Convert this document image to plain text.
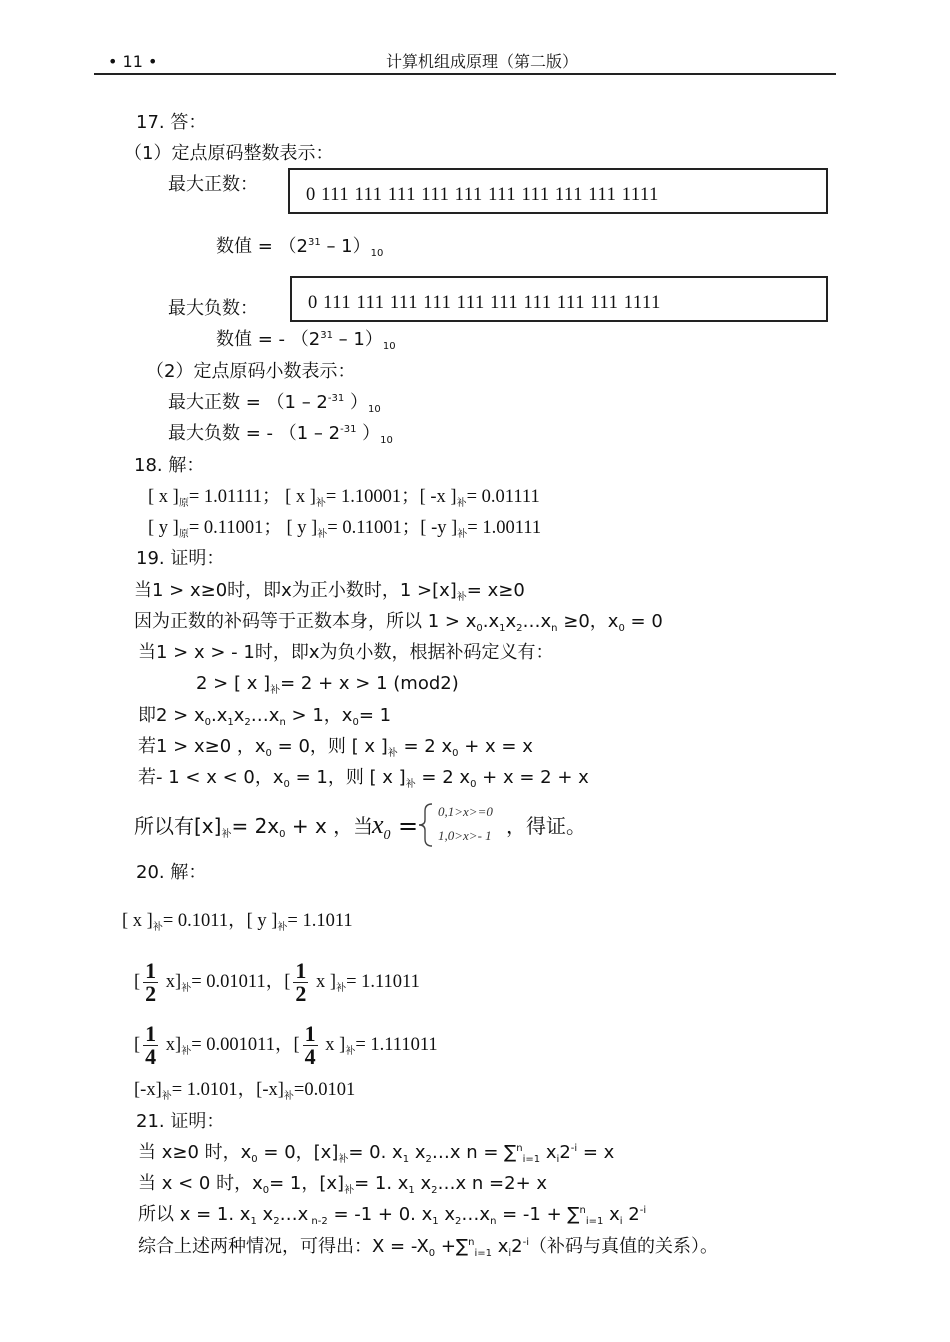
• 11 •	计算机组成原理（第二版）
17. 答：
（1）定点原码整数表示：
最大正数：	0 111 111 111 111 111 111 111 111 111 1111
数值 = $(2^{31} - 1)_{10}$
最大负数：	0 111 111 111 111 111 111 111 111 111 1111
数值 = - $(2^{31} - 1)_{10}$
（2）定点原码小数表示：
最大正数 = （$1 - 2^{-31}$ ）$_{10}$
最大负数 = - （$1 - 2^{-31}$ ）$_{10}$
18. 解：
[ x ]$_原= 1.01111$； [ x ]$_补= 1.10001$；[ -x ]$_补= 0.01111$
[ y ]$_原= 0.11001$； [ y ]$_补= 0.11001$；[ -y ]$_补= 1.00111$
19. 证明：
当1 > x≥0时，即x为正小数时，$1 >[x]_补= x\ge 0$
因为正数的补码等于正数本身，所以 $1 > x_0.x_1x_2\dots x_n \ge 0$，$x_0 = 0$
当1 > x > - 1时，即x为负小数，根据补码定义有：
2 > [ x ]$_补= 2 + x > 1$ (mod2)
即$2 > x_0.x_1x_2\dots x_n > 1$，$x_0= 1$
若1 > x≥0 ，$x_0 = 0$，则 [ x ]$_补 = 2$ $x_0 + x = x$
若- 1 < x < 0，$x_0 = 1$，则 [ x ]$_补 = 2$ $x_0 + x = 2 + x$
所以有$[x]_补= 2x_0 + x$ ，当
$x_0$ =
0,1>x>=0
1,0>x>- 1 ，得证。
20. 解：
[ x ]$_补= 0.1011$，[ y ]$_补= 1.1011$
[ $\frac{1}{2} x]_补= 0.01011$，[ $\frac{1}{2}$ x ]$_补= 1.11011$
[ $\frac{1}{4} x]_补= 0.001011$，[ $\frac{1}{4}$ x ]$_补= 1.111011$
$[-x]_补= 1.0101$，$[-x]_补=0.0101$
21. 证明：
当 x≥0 时，$x_0 = 0$，$[x]_补= 0$. $x_1$ $x_2\dots x$ n = ∑$^n_{i=1}$ $x_i2^{-i} = x$
当 x < 0 时，$x_0= 1$，$[x]_补= 1$. $x_1$ $x_2\dots x$ n =2+ x
所以 x = 1. $x_1$ $x_2\dots x$ $_{n-2}$ = -1 + 0. $x_1$ $x_2\dots x_n = -1 + \sum^n_{i=1}$ $x_i$ $2^{-i}$
综合上述两种情况，可得出：$X = -X_0 +\sum^n_{i=1}$ $x_i2^{-i}$（补码与真值的关系）。
